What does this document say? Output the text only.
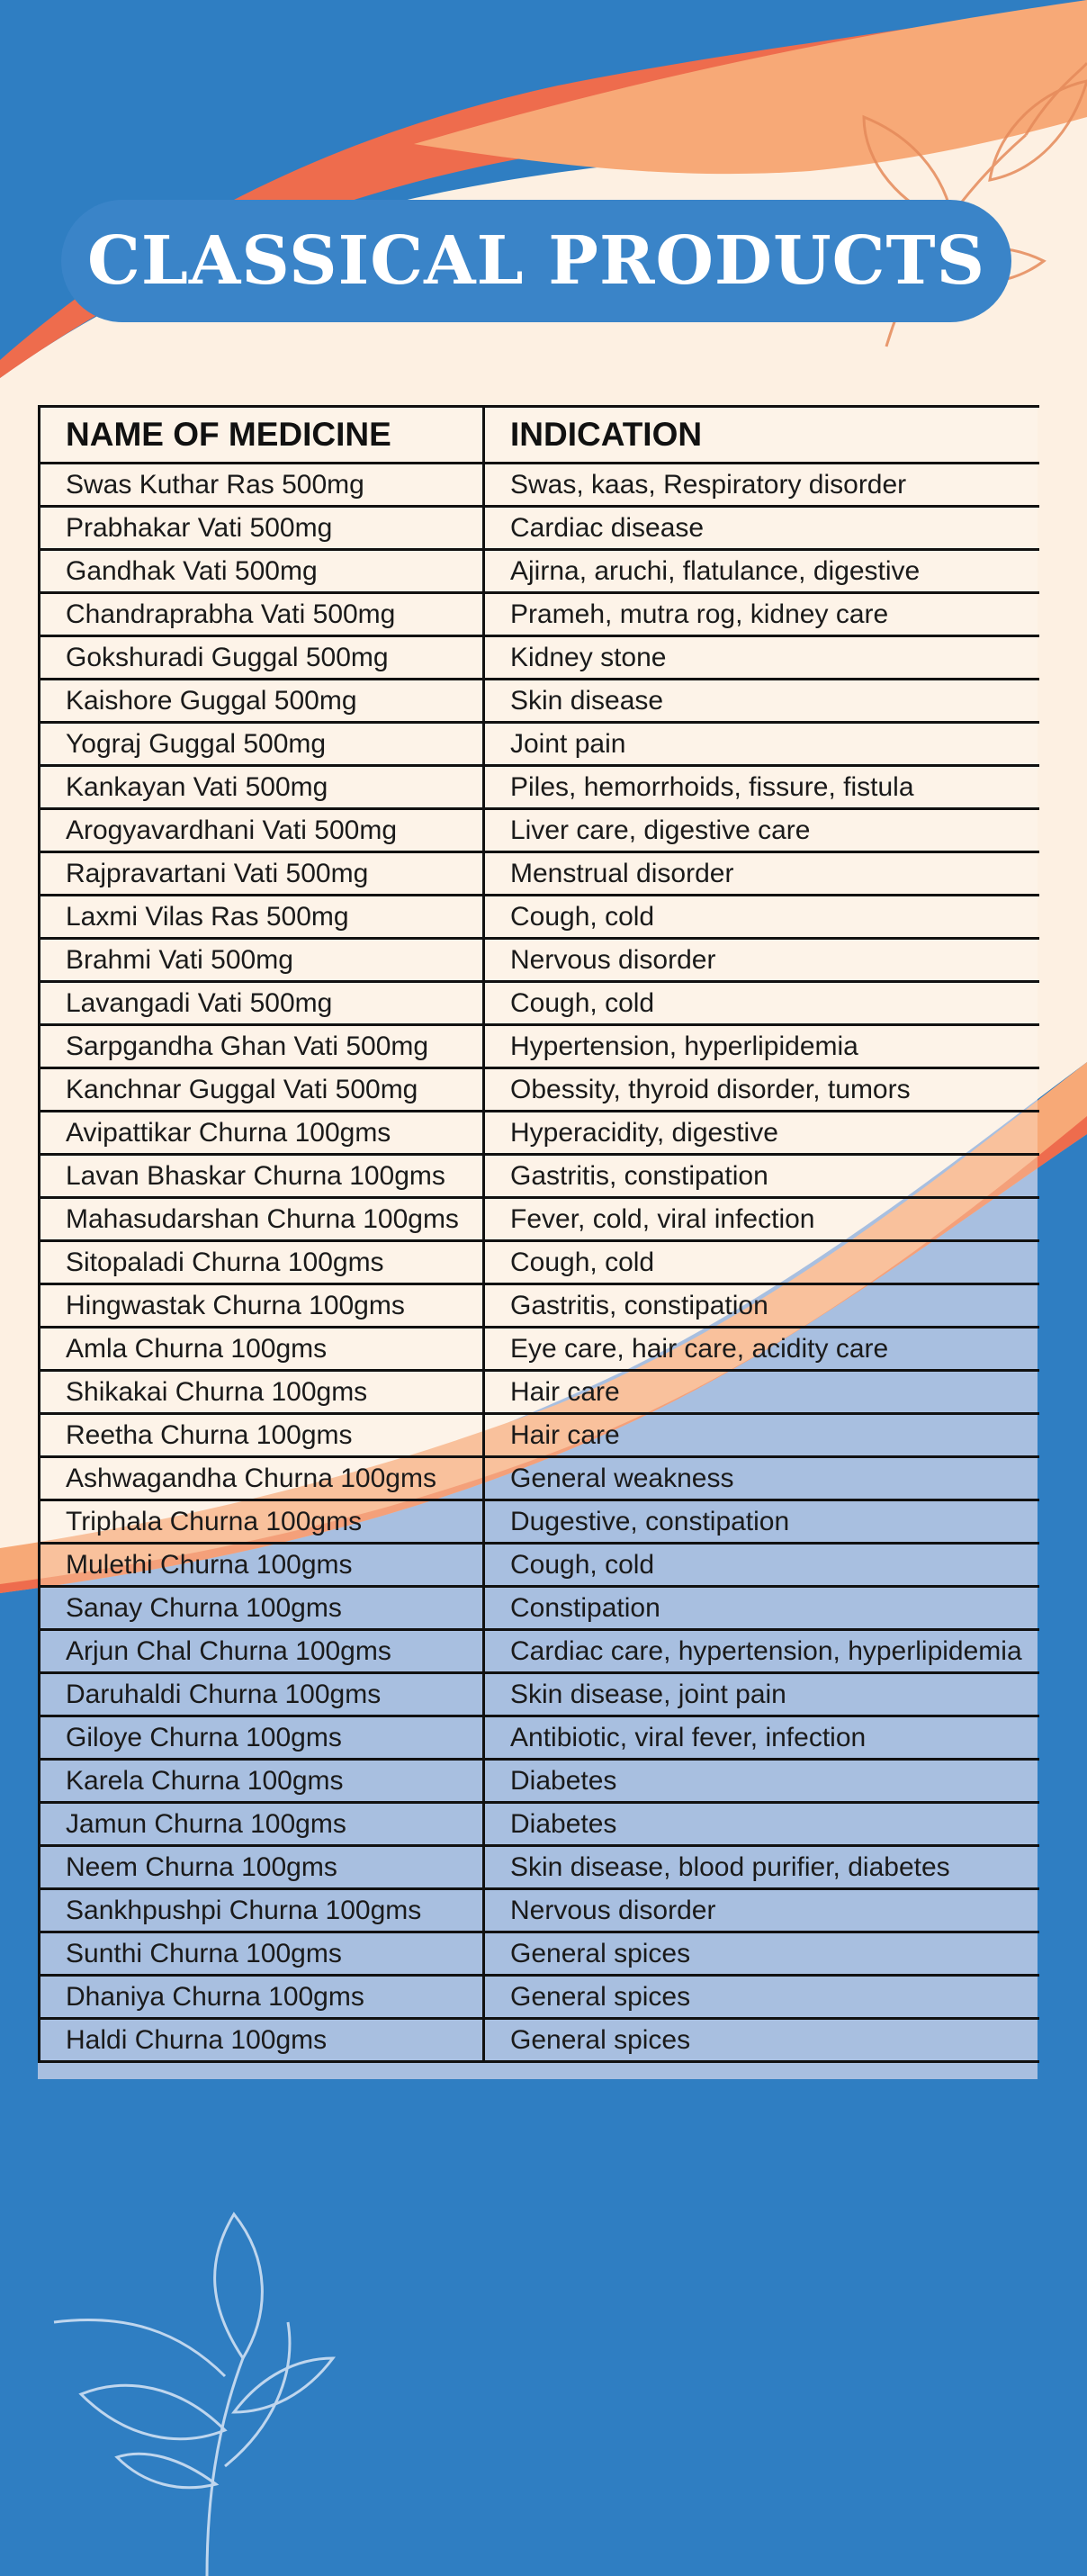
CLASSICAL PRODUCTS
NAME OF MEDICINE	INDICATION
Swas Kuthar Ras 500mg	Swas, kaas, Respiratory disorder
Prabhakar Vati 500mg	Cardiac disease
Gandhak Vati 500mg	Ajirna, aruchi, flatulance, digestive
Chandraprabha Vati 500mg	Prameh, mutra rog, kidney care
Gokshuradi Guggal 500mg	Kidney stone
Kaishore Guggal 500mg	Skin disease
Yograj Guggal 500mg	Joint pain
Kankayan Vati 500mg	Piles, hemorrhoids, fissure, fistula
Arogyavardhani Vati 500mg	Liver care, digestive care
Rajpravartani Vati 500mg	Menstrual disorder
Laxmi Vilas Ras 500mg	Cough, cold
Brahmi Vati 500mg	Nervous disorder
Lavangadi Vati 500mg	Cough, cold
Sarpgandha Ghan Vati 500mg	Hypertension, hyperlipidemia
Kanchnar Guggal Vati 500mg	Obessity, thyroid disorder, tumors
Avipattikar Churna 100gms	Hyperacidity, digestive
Lavan Bhaskar Churna 100gms	Gastritis, constipation
Mahasudarshan Churna 100gms	Fever, cold, viral infection
Sitopaladi Churna 100gms	Cough, cold
Hingwastak Churna 100gms	Gastritis, constipation
Amla Churna 100gms	Eye care, hair care, acidity care
Shikakai Churna 100gms	Hair care
Reetha Churna 100gms	Hair care
Ashwagandha Churna 100gms	General weakness
Triphala Churna 100gms	Dugestive, constipation
Mulethi Churna 100gms	Cough, cold
Sanay Churna 100gms	Constipation
Arjun Chal Churna 100gms	Cardiac care, hypertension, hyperlipidemia
Daruhaldi Churna 100gms	Skin disease, joint pain
Giloye Churna 100gms	Antibiotic, viral fever, infection
Karela Churna 100gms	Diabetes
Jamun Churna 100gms	Diabetes
Neem Churna 100gms	Skin disease, blood purifier, diabetes
Sankhpushpi Churna 100gms	Nervous disorder
Sunthi Churna 100gms	General spices
Dhaniya Churna 100gms	General spices
Haldi Churna 100gms	General spices
